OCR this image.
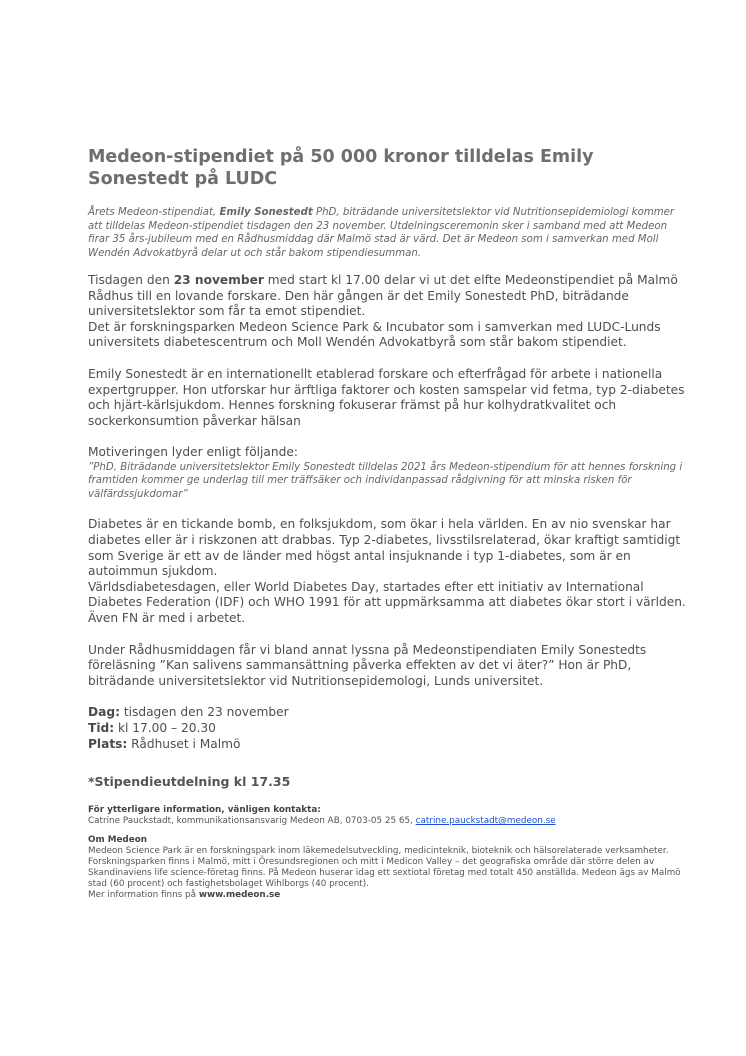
Medeon-stipendiet på 50 000 kronor tilldelas Emily Sonestedt på LUDC

Årets Medeon-stipendiat, Emily Sonestedt PhD, biträdande universitetslektor vid Nutritionsepidemiologi kommer att tilldelas Medeon-stipendiet tisdagen den 23 november. Utdelningsceremonin sker i samband med att Medeon firar 35 års-jubileum med en Rådhusmiddag där Malmö stad är värd. Det är Medeon som i samverkan med Moll Wendén Advokatbyrå delar ut och står bakom stipendiesumman.

Tisdagen den 23 november med start kl 17.00 delar vi ut det elfte Medeonstipendiet på Malmö Rådhus till en lovande forskare. Den här gången är det Emily Sonestedt PhD, biträdande universitetslektor som får ta emot stipendiet.
Det är forskningsparken Medeon Science Park & Incubator som i samverkan med LUDC-Lunds universitets diabetescentrum och Moll Wendén Advokatbyrå som står bakom stipendiet.

Emily Sonestedt är en internationellt etablerad forskare och efterfrågad för arbete i nationella expertgrupper. Hon utforskar hur ärftliga faktorer och kosten samspelar vid fetma, typ 2-diabetes och hjärt-kärlsjukdom. Hennes forskning fokuserar främst på hur kolhydratkvalitet och sockerkonsumtion påverkar hälsan

Motiveringen lyder enligt följande:

”PhD, Biträdande universitetslektor Emily Sonestedt tilldelas 2021 års Medeon-stipendium för att hennes forskning i framtiden kommer ge underlag till mer träffsäker och individanpassad rådgivning för att minska risken för välfärdssjukdomar”

Diabetes är en tickande bomb, en folksjukdom, som ökar i hela världen. En av nio svenskar har diabetes eller är i riskzonen att drabbas. Typ 2-diabetes, livsstilsrelaterad, ökar kraftigt samtidigt som Sverige är ett av de länder med högst antal insjuknande i typ 1-diabetes, som är en autoimmun sjukdom.
Världsdiabetesdagen, eller World Diabetes Day, startades efter ett initiativ av International Diabetes Federation (IDF) och WHO 1991 för att uppmärksamma att diabetes ökar stort i världen. Även FN är med i arbetet.

Under Rådhusmiddagen får vi bland annat lyssna på Medeonstipendiaten Emily Sonestedts föreläsning ”Kan salivens sammansättning påverka effekten av det vi äter?” Hon är PhD, biträdande universitetslektor vid Nutritionsepidemologi, Lunds universitet.

Dag: tisdagen den 23 november
Tid: kl 17.00 – 20.30
Plats: Rådhuset i Malmö

*Stipendieutdelning kl 17.35

För ytterligare information, vänligen kontakta:
Catrine Pauckstadt, kommunikationsansvarig Medeon AB, 0703-05 25 65, catrine.pauckstadt@medeon.se

Om Medeon
Medeon Science Park är en forskningspark inom läkemedelsutveckling, medicinteknik, bioteknik och hälsorelaterade verksamheter. Forskningsparken finns i Malmö, mitt i Öresundsregionen och mitt i Medicon Valley – det geografiska område där större delen av Skandinaviens life science-företag finns. På Medeon huserar idag ett sextiotal företag med totalt 450 anställda. Medeon ägs av Malmö stad (60 procent) och fastighetsbolaget Wihlborgs (40 procent).
Mer information finns på www.medeon.se
